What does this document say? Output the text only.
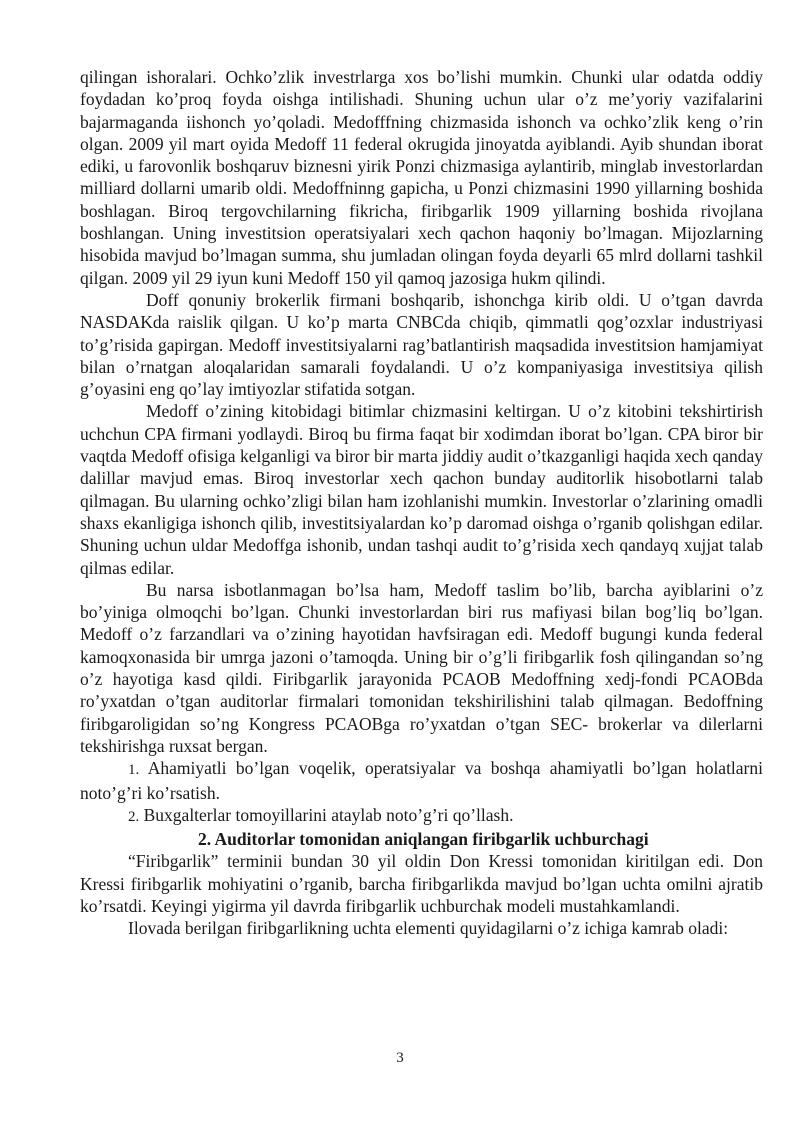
qilingan ishoralari. Ochko’zlik investrlarga xos bo’lishi mumkin. Chunki ular odatda oddiy foydadan ko’proq foyda oishga intilishadi. Shuning uchun ular o’z me’yoriy vazifalarini bajarmaganda iishonch yo’qoladi. Medofffning chizmasida ishonch va ochko’zlik keng o’rin olgan. 2009 yil mart oyida Medoff 11 federal okrugida jinoyatda ayiblandi. Ayib shundan iborat ediki, u farovonlik boshqaruv biznesni yirik Ponzi chizmasiga aylantirib, minglab investorlardan milliard dollarni umarib oldi. Medoffninng gapicha, u Ponzi chizmasini 1990 yillarning boshida boshlagan. Biroq tergovchilarning fikricha, firibgarlik 1909 yillarning boshida rivojlana boshlangan. Uning investitsion operatsiyalari xech qachon haqoniy bo’lmagan. Mijozlarning hisobida mavjud bo’lmagan summa, shu jumladan olingan foyda deyarli 65 mlrd dollarni tashkil qilgan. 2009 yil 29 iyun kuni Medoff 150 yil qamoq jazosiga hukm qilindi.

Doff qonuniy brokerlik firmani boshqarib, ishonchga kirib oldi. U o’tgan davrda NASDAKda raislik qilgan. U ko’p marta CNBCda chiqib, qimmatli qog’ozxlar industriyasi to’g’risida gapirgan. Medoff investitsiyalarni rag’batlantirish maqsadida investitsion hamjamiyat bilan o’rnatgan aloqalaridan samarali foydalandi. U o’z kompaniyasiga investitsiya qilish g’oyasini eng qo’lay imtiyozlar stifatida sotgan.

Medoff o’zining kitobidagi bitimlar chizmasini keltirgan. U o’z kitobini tekshirtirish uchchun CPA firmani yodlaydi. Biroq bu firma faqat bir xodimdan iborat bo’lgan. CPA biror bir vaqtda Medoff ofisiga kelganligi va biror bir marta jiddiy audit o’tkazganligi haqida xech qanday dalillar mavjud emas. Biroq investorlar xech qachon bunday auditorlik hisobotlarni talab qilmagan. Bu ularning ochko’zligi bilan ham izohlanishi mumkin. Investorlar o’zlarining omadli shaxs ekanligiga ishonch qilib, investitsiyalardan ko’p daromad oishga o’rganib qolishgan edilar. Shuning uchun uldar Medoffga ishonib, undan tashqi audit to’g’risida xech qandayq xujjat talab qilmas edilar.

Bu narsa isbotlanmagan bo’lsa ham, Medoff taslim bo’lib, barcha ayiblarini o’z bo’yiniga olmoqchi bo’lgan. Chunki investorlardan biri rus mafiyasi bilan bog’liq bo’lgan. Medoff o’z farzandlari va o’zining hayotidan havfsiragan edi. Medoff bugungi kunda federal kamoqxonasida bir umrga jazoni o’tamoqda. Uning bir o’g’li firibgarlik fosh qilingandan so’ng o’z hayotiga kasd qildi. Firibgarlik jarayonida PCAOB Medoffning xedj-fondi PCAOBda ro’yxatdan o’tgan auditorlar firmalari tomonidan tekshirilishini talab qilmagan. Bedoffning firibgaroligidan so’ng Kongress PCAOBga ro’yxatdan o’tgan SEC- brokerlar va dilerlarni tekshirishga ruxsat bergan.

1. Ahamiyatli bo’lgan voqelik, operatsiyalar va boshqa ahamiyatli bo’lgan holatlarni noto’g’ri ko’rsatish.

2. Buxgalterlar tomoyillarini ataylab noto’g’ri qo’llash.

2. Auditorlar tomonidan aniqlangan firibgarlik uchburchagi

“Firibgarlik” terminii bundan 30 yil oldin Don Kressi tomonidan kiritilgan edi. Don Kressi firibgarlik mohiyatini o’rganib, barcha firibgarlikda mavjud bo’lgan uchta omilni ajratib ko’rsatdi. Keyingi yigirma yil davrda firibgarlik uchburchak modeli mustahkamlandi.

Ilovada berilgan firibgarlikning uchta elementi quyidagilarni o’z ichiga kamrab oladi:

3
